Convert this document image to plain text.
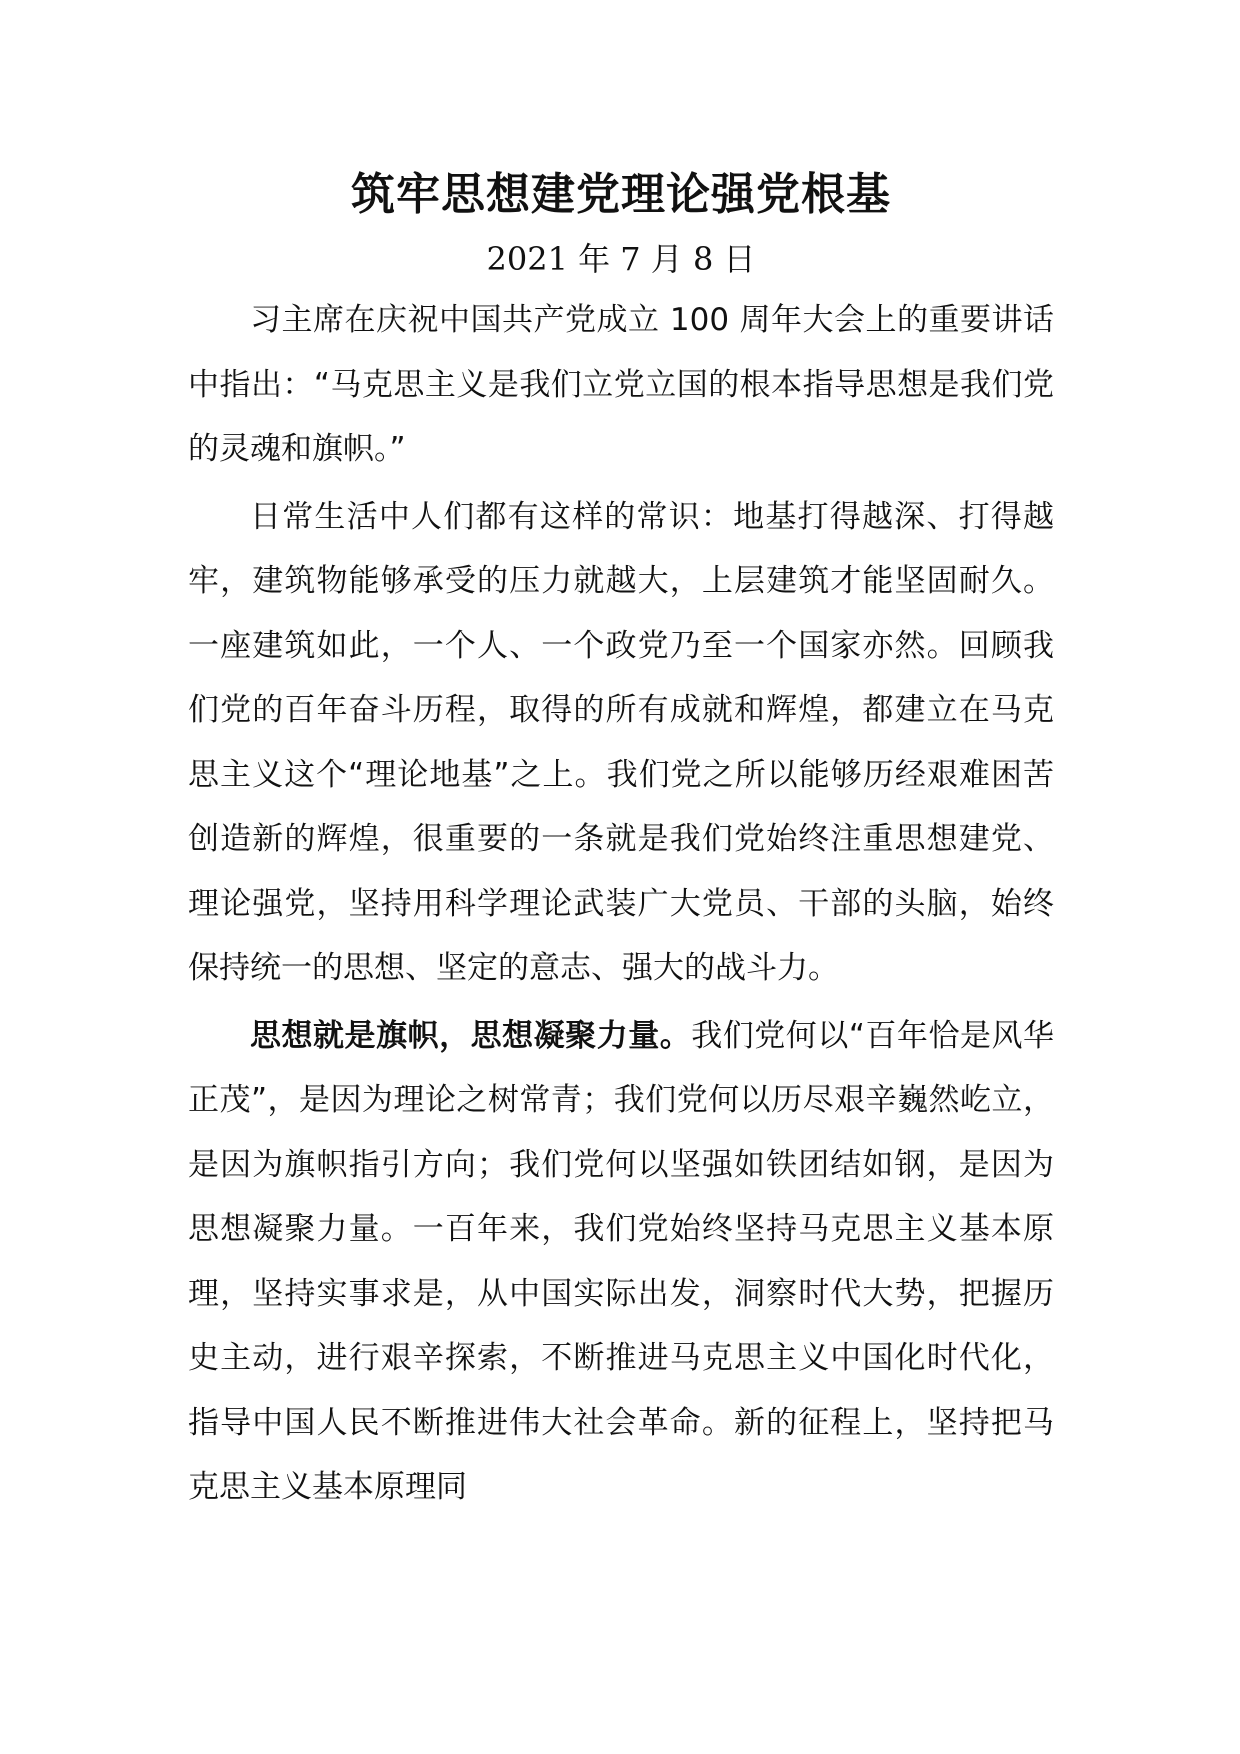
筑牢思想建党理论强党根基

2021 年 7 月 8 日

习主席在庆祝中国共产党成立 100 周年大会上的重要讲话中指出：“马克思主义是我们立党立国的根本指导思想是我们党的灵魂和旗帜。”

日常生活中人们都有这样的常识：地基打得越深、打得越牢，建筑物能够承受的压力就越大，上层建筑才能坚固耐久。一座建筑如此，一个人、一个政党乃至一个国家亦然。回顾我们党的百年奋斗历程，取得的所有成就和辉煌，都建立在马克思主义这个“理论地基”之上。我们党之所以能够历经艰难困苦创造新的辉煌，很重要的一条就是我们党始终注重思想建党、理论强党，坚持用科学理论武装广大党员、干部的头脑，始终保持统一的思想、坚定的意志、强大的战斗力。

思想就是旗帜，思想凝聚力量。我们党何以“百年恰是风华正茂”，是因为理论之树常青；我们党何以历尽艰辛巍然屹立，是因为旗帜指引方向；我们党何以坚强如铁团结如钢，是因为思想凝聚力量。一百年来，我们党始终坚持马克思主义基本原理，坚持实事求是，从中国实际出发，洞察时代大势，把握历史主动，进行艰辛探索，不断推进马克思主义中国化时代化，指导中国人民不断推进伟大社会革命。新的征程上，坚持把马克思主义基本原理同
